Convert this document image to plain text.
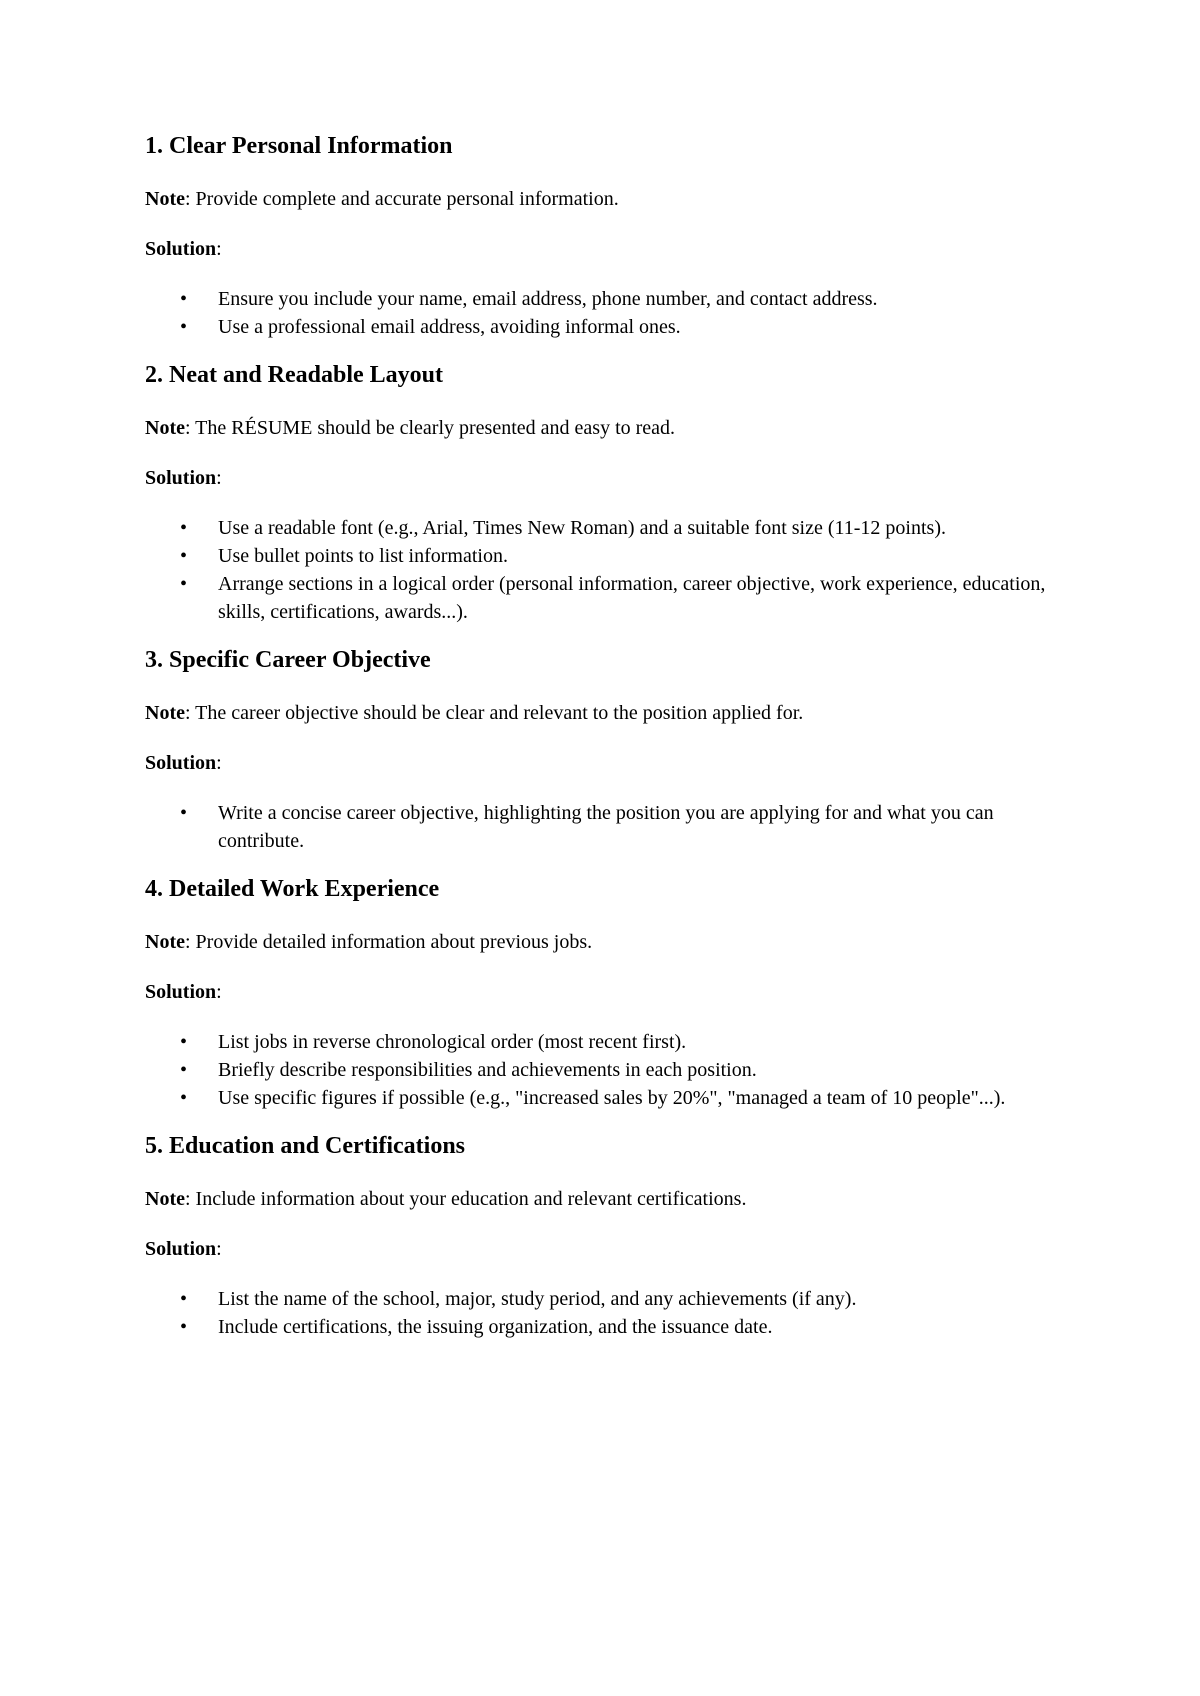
1. Clear Personal Information
Note: Provide complete and accurate personal information.
Solution:
• Ensure you include your name, email address, phone number, and contact address.
• Use a professional email address, avoiding informal ones.
2. Neat and Readable Layout
Note: The RÉSUME should be clearly presented and easy to read.
Solution:
• Use a readable font (e.g., Arial, Times New Roman) and a suitable font size (11-12 points).
• Use bullet points to list information.
• Arrange sections in a logical order (personal information, career objective, work experience, education, skills, certifications, awards...).
3. Specific Career Objective
Note: The career objective should be clear and relevant to the position applied for.
Solution:
• Write a concise career objective, highlighting the position you are applying for and what you can contribute.
4. Detailed Work Experience
Note: Provide detailed information about previous jobs.
Solution:
• List jobs in reverse chronological order (most recent first).
• Briefly describe responsibilities and achievements in each position.
• Use specific figures if possible (e.g., "increased sales by 20%", "managed a team of 10 people"...).
5. Education and Certifications
Note: Include information about your education and relevant certifications.
Solution:
• List the name of the school, major, study period, and any achievements (if any).
• Include certifications, the issuing organization, and the issuance date.
